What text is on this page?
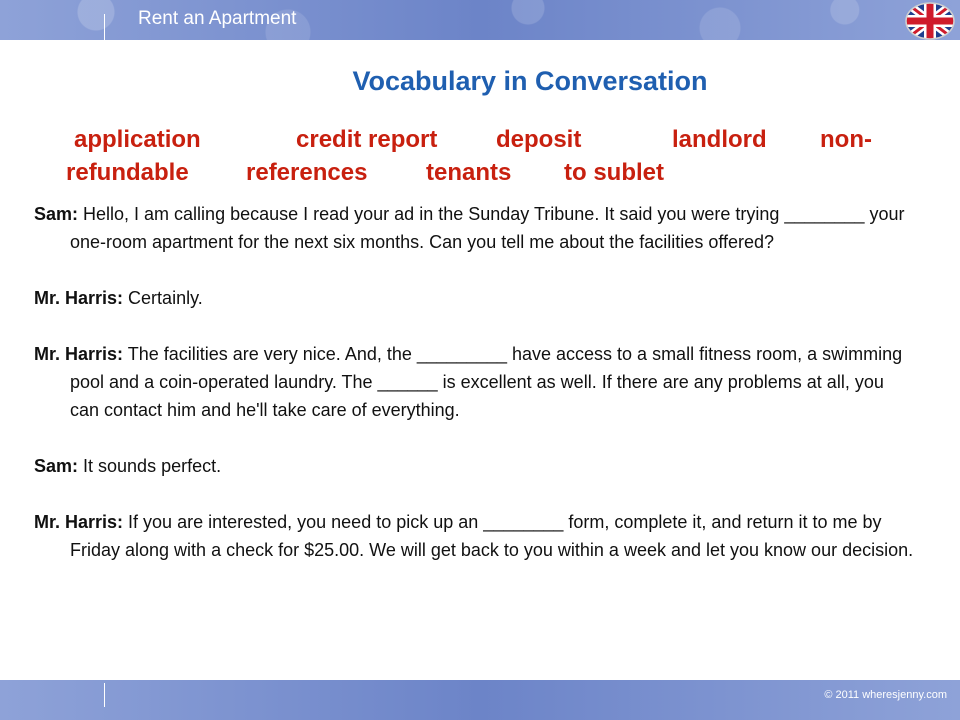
Rent an Apartment
Vocabulary in Conversation
application	credit report deposit	landlord non-
refundable references tenants to sublet

Sam: Hello, I am calling because I read your ad in the Sunday Tribune. It said you were trying ________ your one-room apartment for the next six months. Can you tell me about the facilities offered?

Mr. Harris: Certainly.

Mr. Harris: The facilities are very nice. And, the _________ have access to a small fitness room, a swimming pool and a coin-operated laundry. The ______ is excellent as well. If there are any problems at all, you can contact him and he'll take care of everything.

Sam: It sounds perfect.

Mr. Harris: If you are interested, you need to pick up an ________ form, complete it, and return it to me by Friday along with a check for $25.00. We will get back to you within a week and let you know our decision.

© 2011 wheresjenny.com
